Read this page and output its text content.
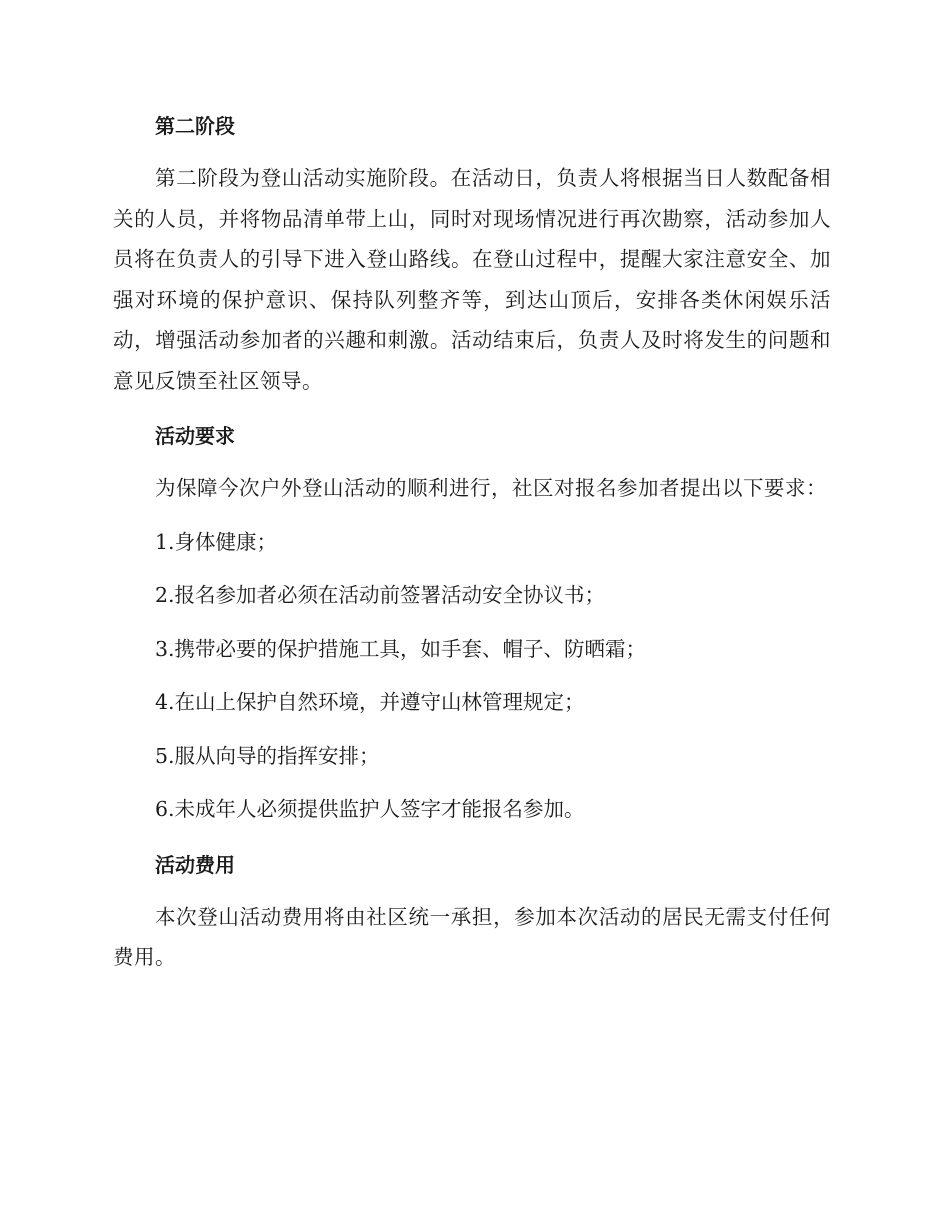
第二阶段

第二阶段为登山活动实施阶段。在活动日，负责人将根据当日人数配备相关的人员，并将物品清单带上山，同时对现场情况进行再次勘察，活动参加人员将在负责人的引导下进入登山路线。在登山过程中，提醒大家注意安全、加强对环境的保护意识、保持队列整齐等，到达山顶后，安排各类休闲娱乐活动，增强活动参加者的兴趣和刺激。活动结束后，负责人及时将发生的问题和意见反馈至社区领导。

活动要求

为保障今次户外登山活动的顺利进行，社区对报名参加者提出以下要求：

1.身体健康；
2.报名参加者必须在活动前签署活动安全协议书；
3.携带必要的保护措施工具，如手套、帽子、防晒霜；
4.在山上保护自然环境，并遵守山林管理规定；
5.服从向导的指挥安排；
6.未成年人必须提供监护人签字才能报名参加。
活动费用

本次登山活动费用将由社区统一承担，参加本次活动的居民无需支付任何费用。
